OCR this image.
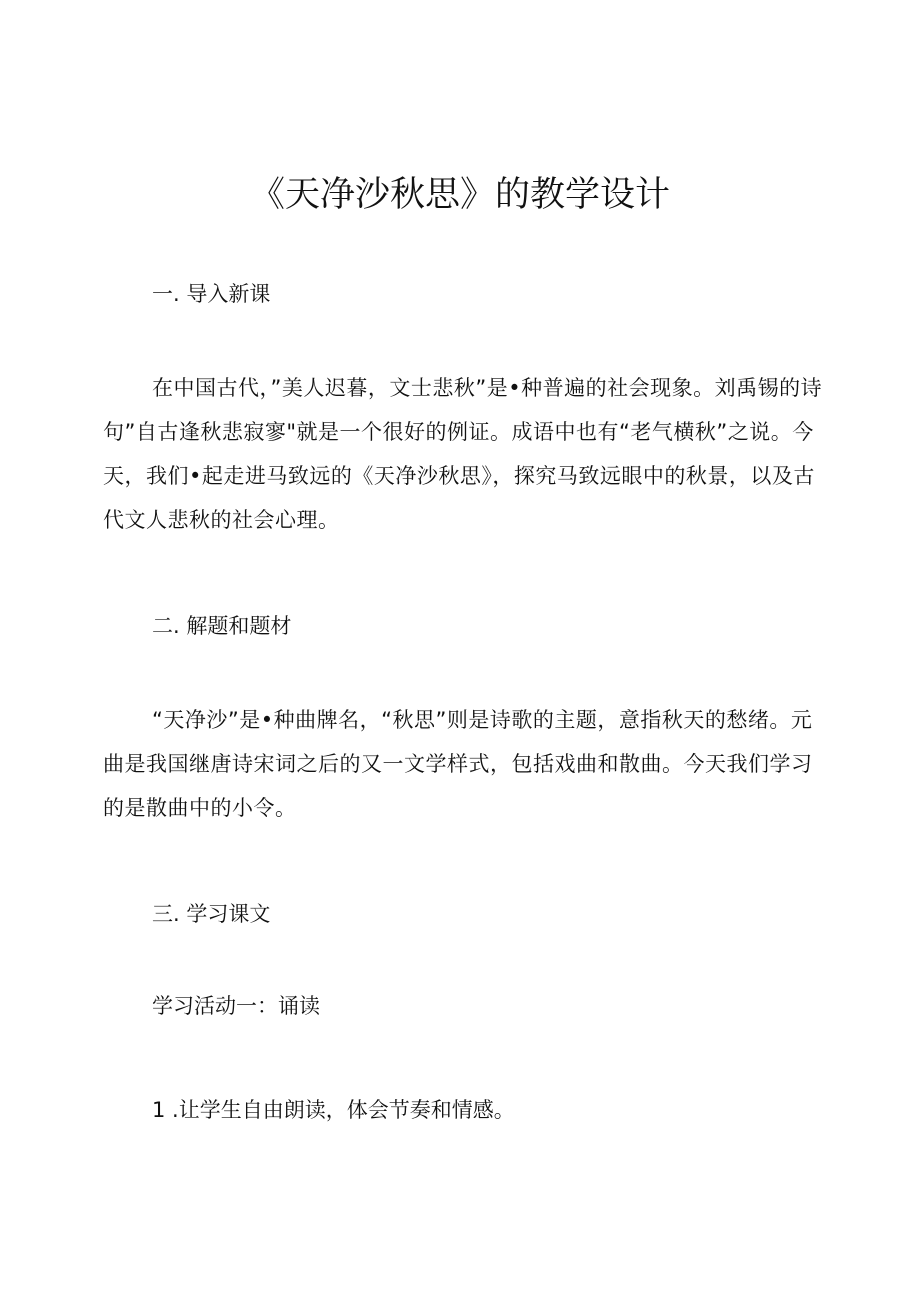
《天净沙秋思》的教学设计

一. 导入新课

在中国古代，”美人迟暮，文士悲秋”是•种普遍的社会现象。刘禹锡的诗句”自古逢秋悲寂寥"就是一个很好的例证。成语中也有“老气横秋”之说。今天，我们•起走进马致远的《天净沙秋思》，探究马致远眼中的秋景，以及古代文人悲秋的社会心理。

二. 解题和题材

“天净沙”是•种曲牌名，“秋思”则是诗歌的主题，意指秋天的愁绪。元曲是我国继唐诗宋词之后的又一文学样式，包括戏曲和散曲。今天我们学习的是散曲中的小令。

三. 学习课文

学习活动一：诵读

1 .让学生自由朗读，体会节奏和情感。
